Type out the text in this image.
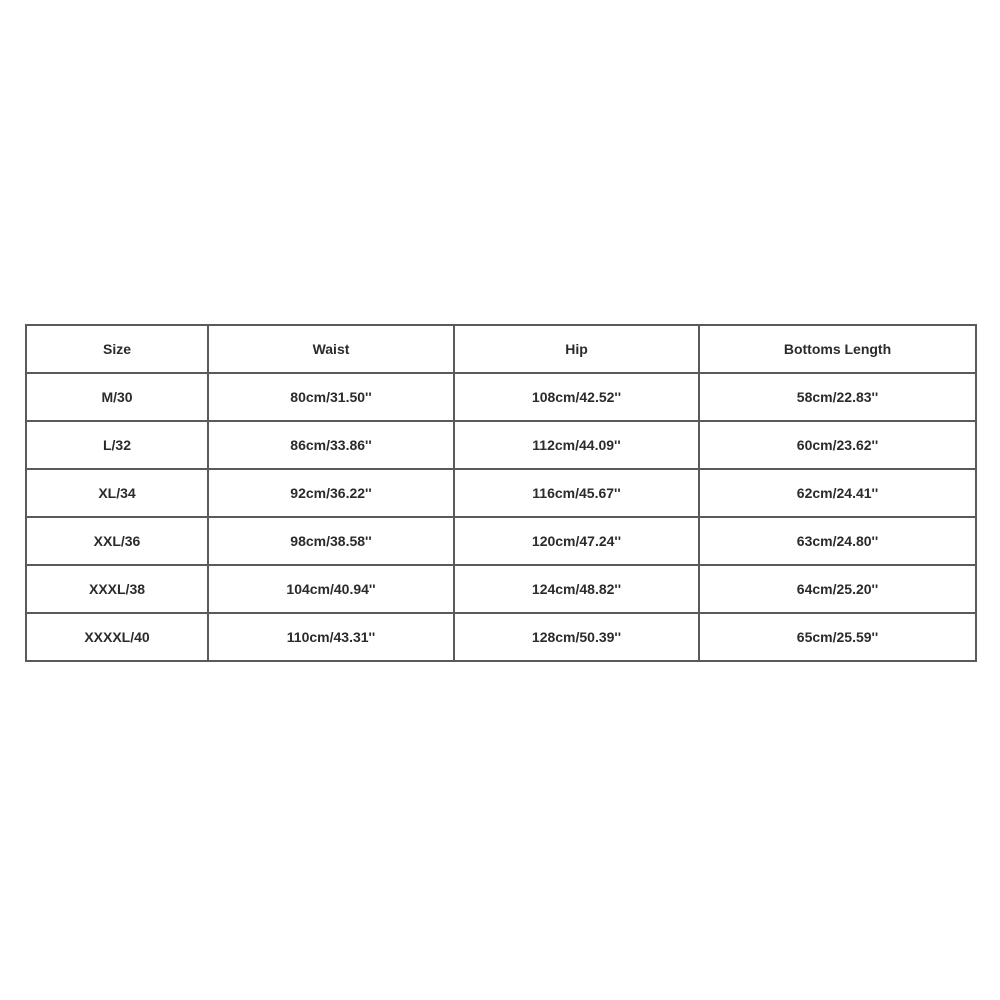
Size	Waist	Hip	Bottoms Length
M/30	80cm/31.50''	108cm/42.52''	58cm/22.83''
L/32	86cm/33.86''	112cm/44.09''	60cm/23.62''
XL/34	92cm/36.22''	116cm/45.67''	62cm/24.41''
XXL/36	98cm/38.58''	120cm/47.24''	63cm/24.80''
XXXL/38	104cm/40.94''	124cm/48.82''	64cm/25.20''
XXXXL/40	110cm/43.31''	128cm/50.39''	65cm/25.59''
